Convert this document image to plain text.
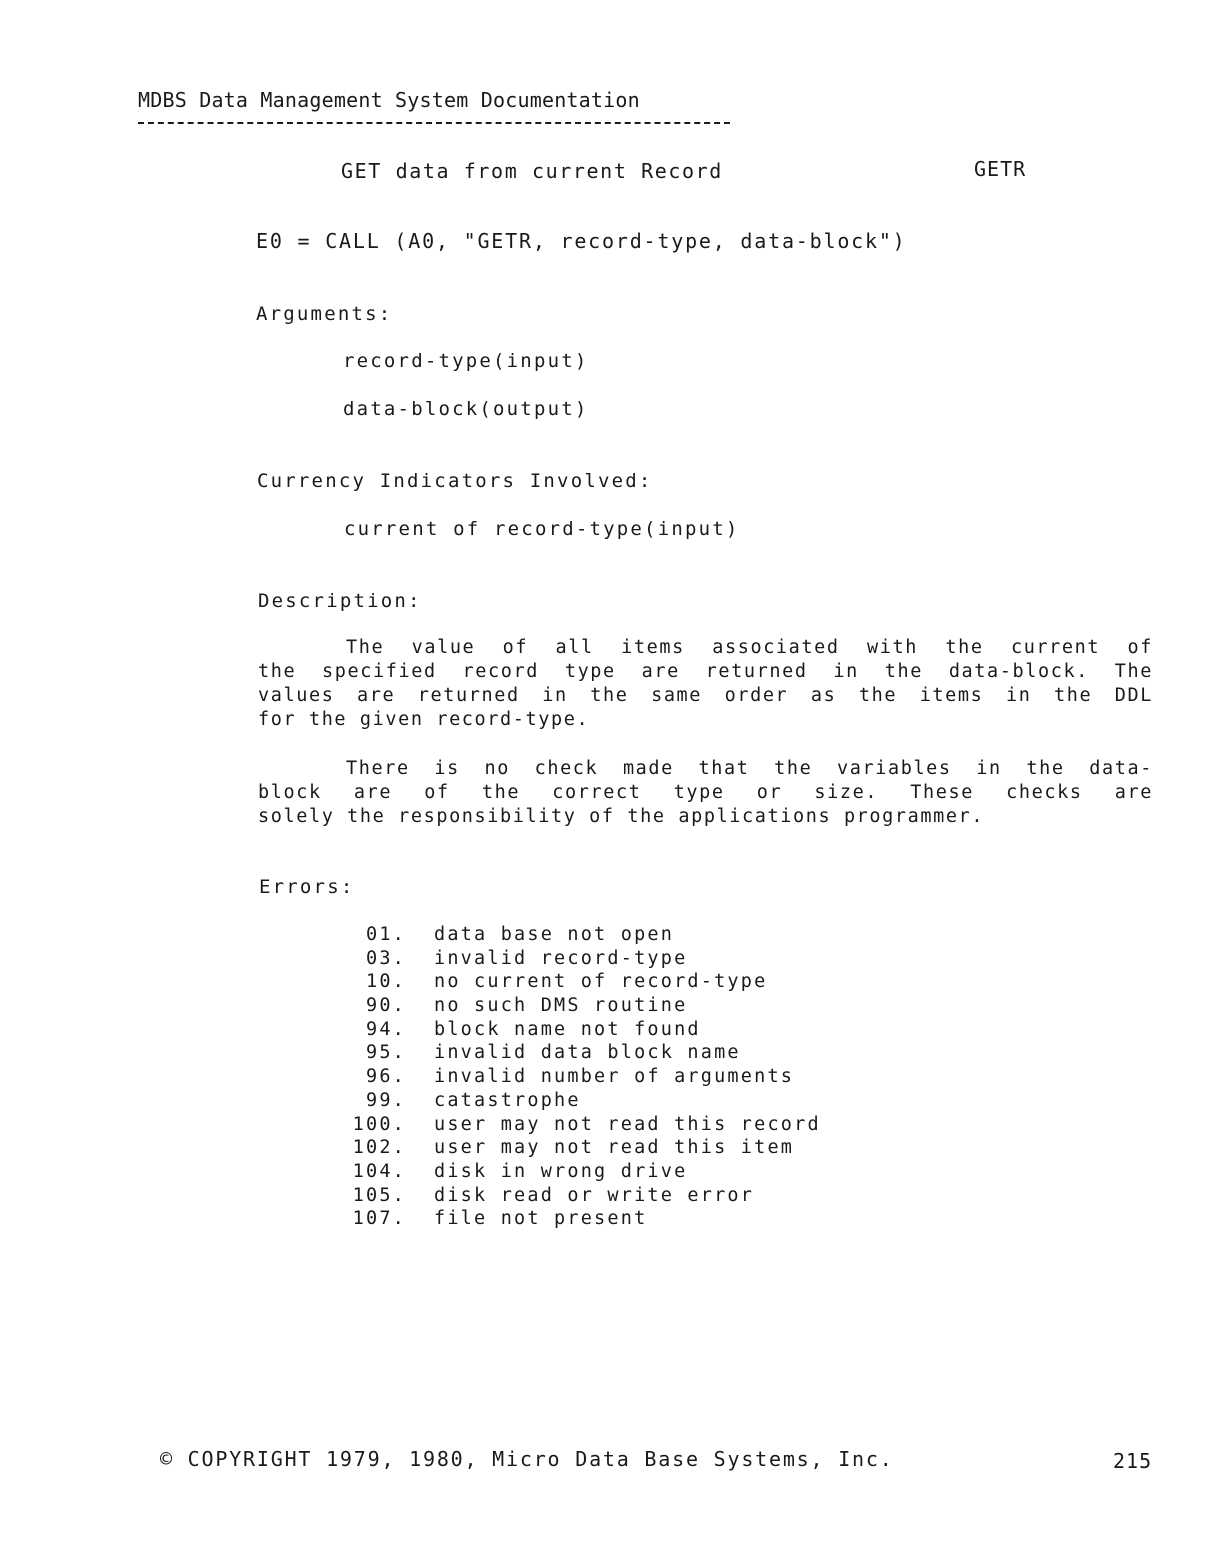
MDBS Data Management System Documentation
GET data from current Record	GETR
E0 = CALL (A0, "GETR, record-type, data-block")
Arguments:
record-type(input)
data-block(output)
Currency Indicators Involved:
current of record-type(input)
Description:
The value of all items associated with the current of
the specified record type are returned in the data-block. The
values are returned in the same order as the items in the DDL
for the given record-type.
There is no check made that the variables in the data-
block are of the correct type or size. These checks are
solely the responsibility of the applications programmer.
Errors:
01. data base not open
03. invalid record-type
10. no current of record-type
90. no such DMS routine
94. block name not found
95. invalid data block name
96. invalid number of arguments
99. catastrophe
100. user may not read this record
102. user may not read this item
104. disk in wrong drive
105. disk read or write error
107. file not present
© COPYRIGHT 1979, 1980, Micro Data Base Systems, Inc.	215
